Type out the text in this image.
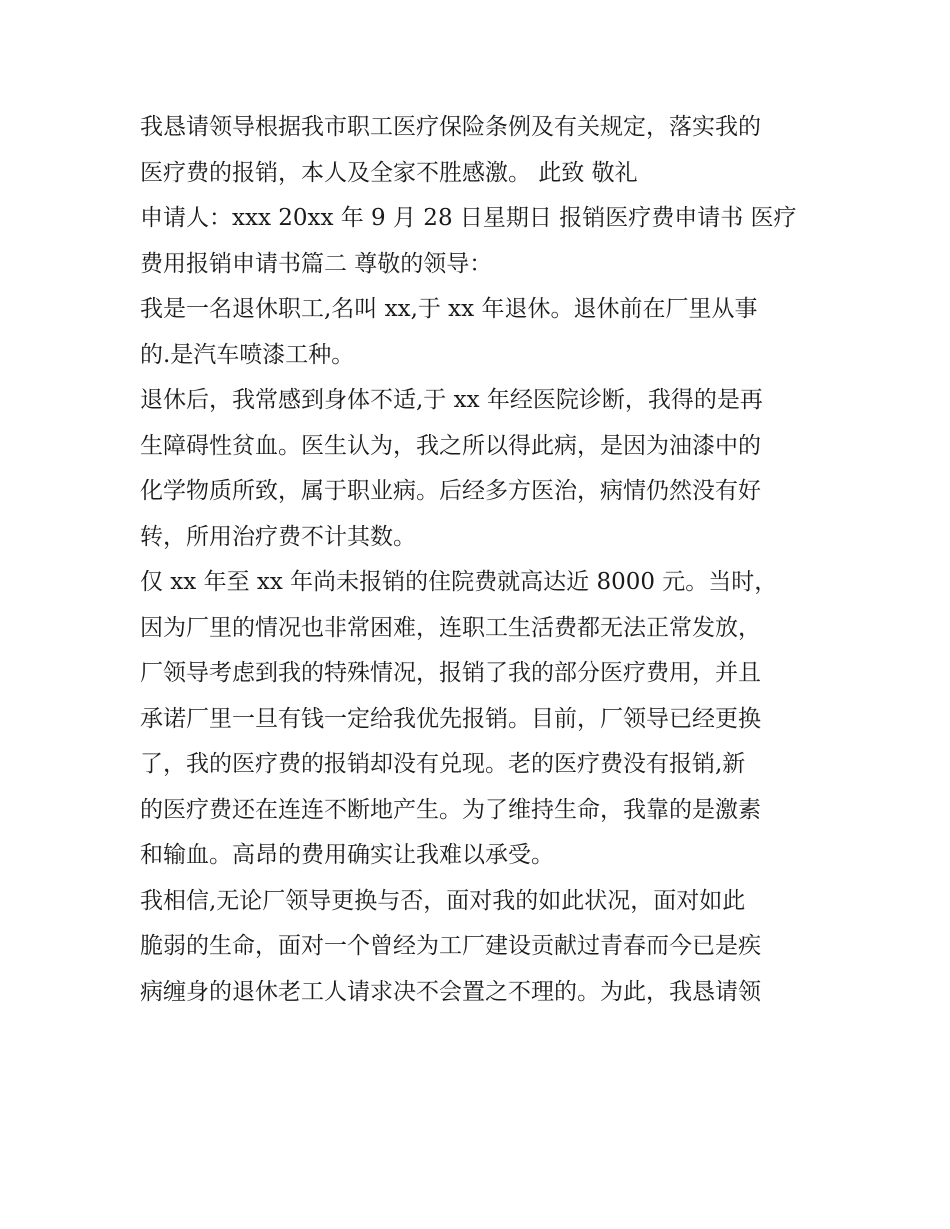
我恳请领导根据我市职工医疗保险条例及有关规定，落实我的
医疗费的报销，本人及全家不胜感激。 此致 敬礼
申请人：xxx 20xx 年 9 月 28 日星期日 报销医疗费申请书 医疗
费用报销申请书篇二 尊敬的领导：
我是一名退休职工,名叫 xx,于 xx 年退休。退休前在厂里从事
的.是汽车喷漆工种。
退休后，我常感到身体不适,于 xx 年经医院诊断，我得的是再
生障碍性贫血。医生认为，我之所以得此病，是因为油漆中的
化学物质所致，属于职业病。后经多方医治，病情仍然没有好
转，所用治疗费不计其数。
仅 xx 年至 xx 年尚未报销的住院费就高达近 8000 元。当时，
因为厂里的情况也非常困难，连职工生活费都无法正常发放，
厂领导考虑到我的特殊情况，报销了我的部分医疗费用，并且
承诺厂里一旦有钱一定给我优先报销。目前，厂领导已经更换
了，我的医疗费的报销却没有兑现。老的医疗费没有报销,新
的医疗费还在连连不断地产生。为了维持生命，我靠的是激素
和输血。高昂的费用确实让我难以承受。
我相信,无论厂领导更换与否，面对我的如此状况，面对如此
脆弱的生命，面对一个曾经为工厂建设贡献过青春而今已是疾
病缠身的退休老工人请求决不会置之不理的。为此，我恳请领
